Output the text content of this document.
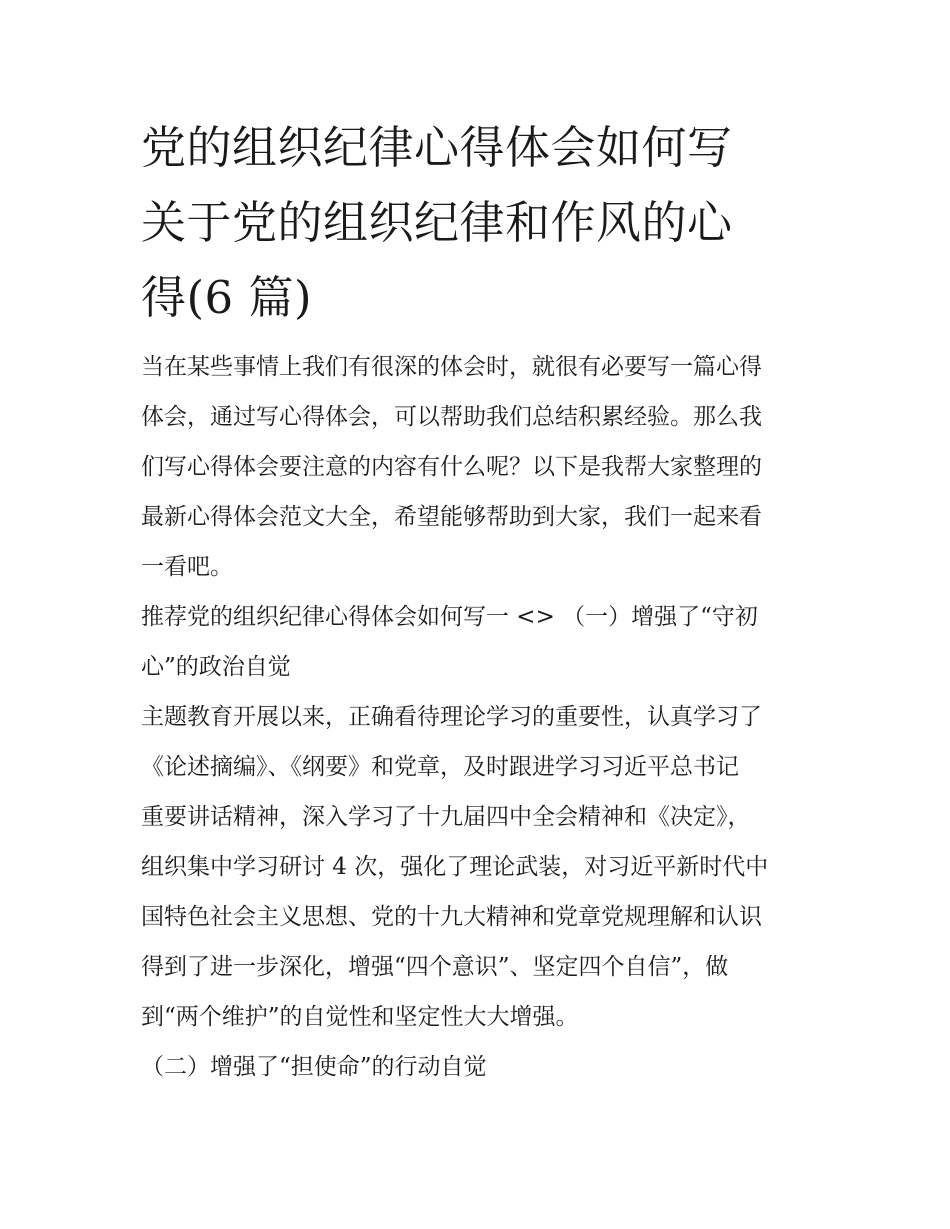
党的组织纪律心得体会如何写
关于党的组织纪律和作风的心
得(6 篇)

当在某些事情上我们有很深的体会时，就很有必要写一篇心得
体会，通过写心得体会，可以帮助我们总结积累经验。那么我
们写心得体会要注意的内容有什么呢？以下是我帮大家整理的
最新心得体会范文大全，希望能够帮助到大家，我们一起来看
一看吧。

推荐党的组织纪律心得体会如何写一 <> （一）增强了“守初
心”的政治自觉

主题教育开展以来，正确看待理论学习的重要性，认真学习了
《论述摘编》、《纲要》和党章，及时跟进学习习近平总书记
重要讲话精神，深入学习了十九届四中全会精神和《决定》，
组织集中学习研讨 4 次，强化了理论武装，对习近平新时代中
国特色社会主义思想、党的十九大精神和党章党规理解和认识
得到了进一步深化，增强“四个意识”、坚定四个自信”，做
到“两个维护”的自觉性和坚定性大大增强。

（二）增强了“担使命”的行动自觉
